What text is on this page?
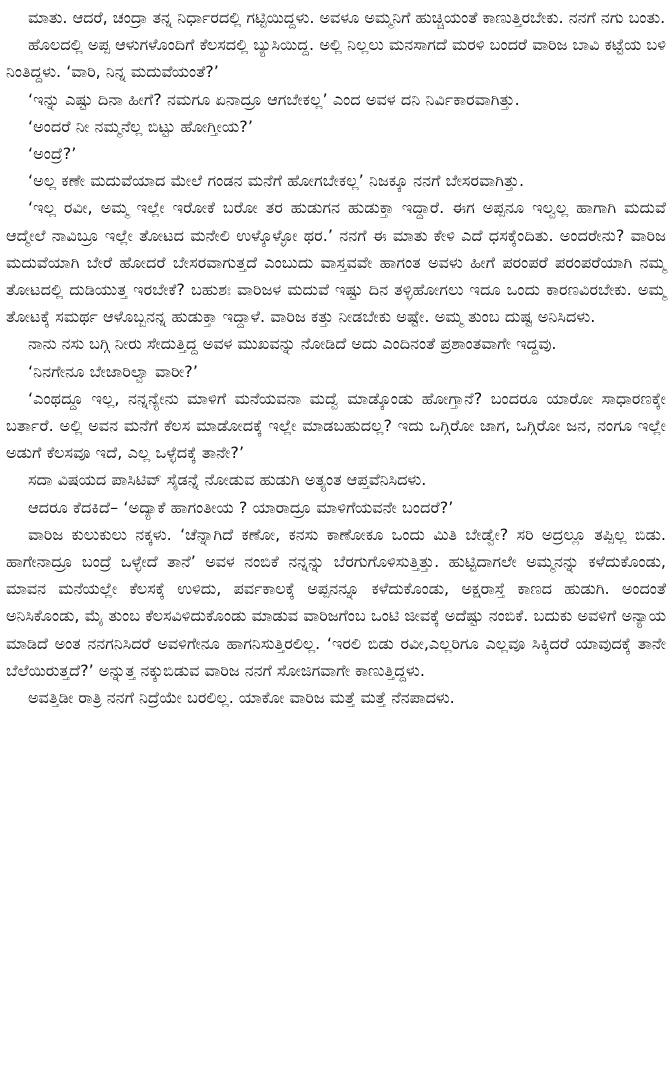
ಮಾತು. ಆದರೆ, ಚಂದ್ರಾ ತನ್ನ ನಿರ್ಧಾರದಲ್ಲಿ ಗಟ್ಟಿಯಿದ್ದಳು. ಅವಳೂ ಅಮ್ಮನಿಗೆ ಹುಚ್ಚಿಯಂತೆ ಕಾಣುತ್ತಿರಬೇಕು. ನನಗೆ ನಗು ಬಂತು.

ಹೊಲದಲ್ಲಿ ಅಪ್ಪ ಆಳುಗಳೊಂದಿಗೆ ಕೆಲಸದಲ್ಲಿ ಬ್ಯುಸಿಯಿದ್ದ. ಅಲ್ಲಿ ನಿಲ್ಲಲು ಮನಸಾಗದೆ ಮರಳಿ ಬಂದರೆ ವಾರಿಜ ಬಾವಿ ಕಟ್ಟೆಯ ಬಳಿ ನಿಂತಿದ್ದಳು. ‘ವಾರಿ, ನಿನ್ನ ಮದುವೆಯಂತೆ?’

‘ಇನ್ನು ಎಷ್ಟು ದಿನಾ ಹೀಗೆ? ನಮಗೂ ಏನಾದ್ರೂ ಆಗಬೇಕಲ್ಲ’ ಎಂದ ಅವಳ ದನಿ ನಿರ್ವಿಕಾರವಾಗಿತ್ತು.

‘ಅಂದರೆ ನೀ ನಮ್ಮನೆಲ್ಲ ಬಿಟ್ಟು ಹೋಗ್ತೀಯ?’

‘ಅಂದ್ರೆ?’

‘ಅಲ್ಲ ಕಣೇ ಮದುವೆಯಾದ ಮೇಲೆ ಗಂಡನ ಮನೆಗೆ ಹೋಗಬೇಕಲ್ಲ’ ನಿಜಕ್ಕೂ ನನಗೆ ಬೇಸರವಾಗಿತ್ತು.

‘ಇಲ್ಲ ರವೀ, ಅಮ್ಮ ಇಲ್ಲೇ ಇರೋಕೆ ಬರೋ ತರ ಹುಡುಗನ ಹುಡುಕ್ತಾ ಇದ್ದಾರೆ. ಈಗ ಅಪ್ಪನೂ ಇಲ್ವಲ್ಲ ಹಾಗಾಗಿ ಮದುವೆ ಆದ್ಮೇಲೆ ನಾವಿಬ್ರೂ ಇಲ್ಲೇ ತೋಟದ ಮನೇಲಿ ಉಳ್ಕೊಳ್ಳೋ ಥರ.’ ನನಗೆ ಈ ಮಾತು ಕೇಳಿ ಎದೆ ಧಸಕ್ಕೆಂದಿತು. ಅಂದರೇನು? ವಾರಿಜ ಮದುವೆಯಾಗಿ ಬೇರೆ ಹೋದರೆ ಬೇಸರವಾಗುತ್ತದೆ ಎಂಬುದು ವಾಸ್ತವವೇ ಹಾಗಂತ ಅವಳು ಹೀಗೆ ಪರಂಪರೆ ಪರಂಪರೆಯಾಗಿ ನಮ್ಮ ತೋಟದಲ್ಲಿ ದುಡಿಯುತ್ತ ಇರಬೇಕೆ? ಬಹುಶಃ ವಾರಿಜಳ ಮದುವೆ ಇಷ್ಟು ದಿನ ತಳ್ಳಿಹೋಗಲು ಇದೂ ಒಂದು ಕಾರಣವಿರಬೇಕು. ಅಮ್ಮ ತೋಟಕ್ಕೆ ಸಮರ್ಥ ಆಳೊಬ್ಬನನ್ನ ಹುಡುಕ್ತಾ ಇದ್ದಾಳೆ. ವಾರಿಜ ಕತ್ತು ನೀಡಬೇಕು ಅಷ್ಟೇ. ಅಮ್ಮ ತುಂಬ ದುಷ್ಟ ಅನಿಸಿದಳು.

ನಾನು ನಸು ಬಗ್ಗಿ ನೀರು ಸೇದುತ್ತಿದ್ದ ಅವಳ ಮುಖವನ್ನು ನೋಡಿದೆ ಅದು ಎಂದಿನಂತೆ ಪ್ರಶಾಂತವಾಗೇ ಇದ್ದವು.

‘ನಿನಗೇನೂ ಬೇಜಾರಿಲ್ವಾ ವಾರೀ?’

‘ಎಂಥದ್ದೂ ಇಲ್ಲ, ನನ್ನನ್ಯೇನು ಮಾಳಿಗೆ ಮನೆಯವನಾ ಮದ್ವೆ ಮಾಡ್ಕೊಂಡು ಹೋಗ್ತಾನೆ? ಬಂದರೂ ಯಾರೋ ಸಾಧಾರಣಕ್ಕೇ ಬರ್ತಾರೆ. ಅಲ್ಲಿ ಅವನ ಮನೆಗೆ ಕೆಲಸ ಮಾಡೋದಕ್ಕೆ ಇಲ್ಲೇ ಮಾಡಬಹುದಲ್ಲ? ಇದು ಒಗ್ಗಿರೋ ಜಾಗ, ಒಗ್ಗಿರೋ ಜನ, ನಂಗೂ ಇಲ್ಲೇ ಅಡುಗೆ ಕೆಲಸವೂ ಇದೆ, ಎಲ್ಲ ಒಳ್ಳೆದಕ್ಕೆ ತಾನೇ?’

ಸದಾ ವಿಷಯದ ಪಾಸಿಟಿವ್ ಸೈಡನ್ನೆ ನೋಡುವ ಹುಡುಗಿ ಅತ್ಯಂತ ಆಪ್ತವೆನಿಸಿದಳು.

ಆದರೂ ಕೆದಕಿದೆ– ‘ಅದ್ಯಾಕೆ ಹಾಗಂತೀಯ ? ಯಾರಾದ್ರೂ ಮಾಳಿಗೆಯವನೇ ಬಂದರೆ?’

ವಾರಿಜ ಕುಲುಕುಲು ನಕ್ಕಳು. ‘ಚೆನ್ನಾಗಿದೆ ಕಣೋ, ಕನಸು ಕಾಣೋಕೂ ಒಂದು ಮಿತಿ ಬೇಡ್ವೇ? ಸರಿ ಅದ್ರಲ್ಲೂ ತಪ್ಪಿಲ್ಲ ಬಿಡು. ಹಾಗೇನಾದ್ರೂ ಬಂದ್ರೆ ಒಳ್ಳೇದೆ ತಾನೆ’ ಅವಳ ನಂಬಿಕೆ ನನ್ನನ್ನು ಬೆರಗುಗೊಳಿಸುತ್ತಿತ್ತು. ಹುಟ್ಟಿದಾಗಲೇ ಅಮ್ಮನನ್ನು ಕಳೆದುಕೊಂಡು, ಮಾವನ ಮನೆಯಲ್ಲೇ ಕೆಲಸಕ್ಕೆ ಉಳಿದು, ಪರ್ವಕಾಲಕ್ಕೆ ಅಪ್ಪನನ್ನೂ ಕಳೆದುಕೊಂಡು, ಅಕ್ಷರಾಸ್ತೆ ಕಾಣದ ಹುಡುಗಿ. ಅಂದಂತೆ ಅನಿಸಿಕೊಂಡು, ಮೈ ತುಂಬ ಕೆಲಸವಿಳಿದುಕೊಂಡು ಮಾಡುವ ವಾರಿಜಗೆಂಬ ಒಂಟಿ ಜೀವಕ್ಕೆ ಅದೆಷ್ಟು ನಂಬಿಕೆ. ಬದುಕು ಅವಳಿಗೆ ಅನ್ಯಾಯ ಮಾಡಿದೆ ಅಂತ ನನಗನಿಸಿದರೆ ಅವಳಿಗೇನೂ ಹಾಗನಿಸುತ್ತಿರಲಿಲ್ಲ. ‘ಇರಲಿ ಬಿಡು ರವೀ,ಎಲ್ಲರಿಗೂ ಎಲ್ಲವೂ ಸಿಕ್ಕಿದರೆ ಯಾವುದಕ್ಕೆ ತಾನೇ ಬೆಲೆಯಿರುತ್ತದೆ?’ ಅನ್ನುತ್ತ ನಕ್ಕುಬಿಡುವ ವಾರಿಜ ನನಗೆ ಸೋಜಿಗವಾಗೇ ಕಾಣುತ್ತಿದ್ದಳು.

ಅವತ್ತಿಡೀ ರಾತ್ರಿ ನನಗೆ ನಿದ್ರೆಯೇ ಬರಲಿಲ್ಲ. ಯಾಕೋ ವಾರಿಜ ಮತ್ತೆ ಮತ್ತೆ ನೆನಪಾದಳು.
